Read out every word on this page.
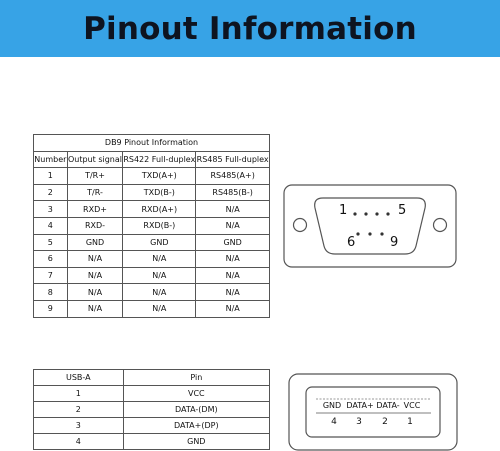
Pinout Information
DB9 Pinout Information			
Number	Output signal	RS422 Full-duplex	RS485 Full-duplex
1	T/R+	TXD(A+)	RS485(A+)
2	T/R-	TXD(B-)	RS485(B-)
3	RXD+	RXD(A+)	N/A
4	RXD-	RXD(B-)	N/A
5	GND	GND	GND
6	N/A	N/A	N/A
7	N/A	N/A	N/A
8	N/A	N/A	N/A
9	N/A	N/A	N/A
1	5
6	9
USB-A	Pin
1	VCC
2	DATA-(DM)
3	DATA+(DP)
4	GND
GND DATA+ DATA- VCC
4 3 2 1
